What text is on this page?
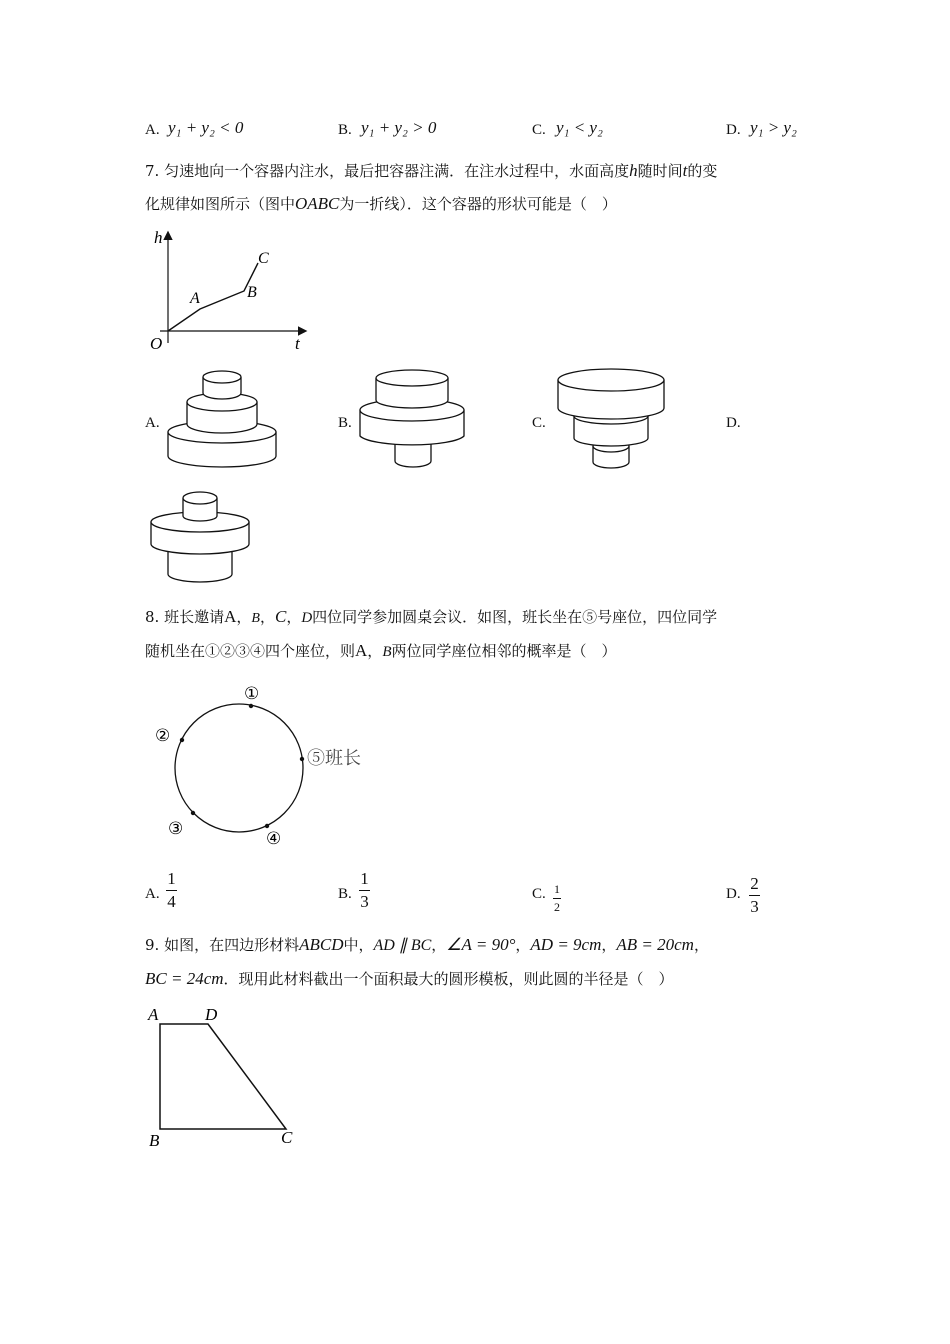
A. y₁ + y₂ < 0	B. y₁ + y₂ > 0	C. y₁ < y₂	D. y₁ > y₂
7. 匀速地向一个容器内注水，最后把容器注满．在注水过程中，水面高度h随时间t的变
化规律如图所示（图中OABC为一折线）．这个容器的形状可能是（　）
h
t
O
A	B
C
A.	B.	C.	D.
8. 班长邀请A，B，C，D四位同学参加圆桌会议．如图，班长坐在⑤号座位，四位同学
随机坐在①②③④四个座位，则A，B两位同学座位相邻的概率是（　）
①
②
③
④
⑤班长
A.
1
4	B.
1
3	C. 1
2
D.
2
3
9. 如图，在四边形材料ABCD中，AD ∥ BC，∠A = 90°，AD = 9cm，AB = 20cm，
BC = 24cm．现用此材料截出一个面积最大的圆形模板，则此圆的半径是（　）
A	D
B	C
